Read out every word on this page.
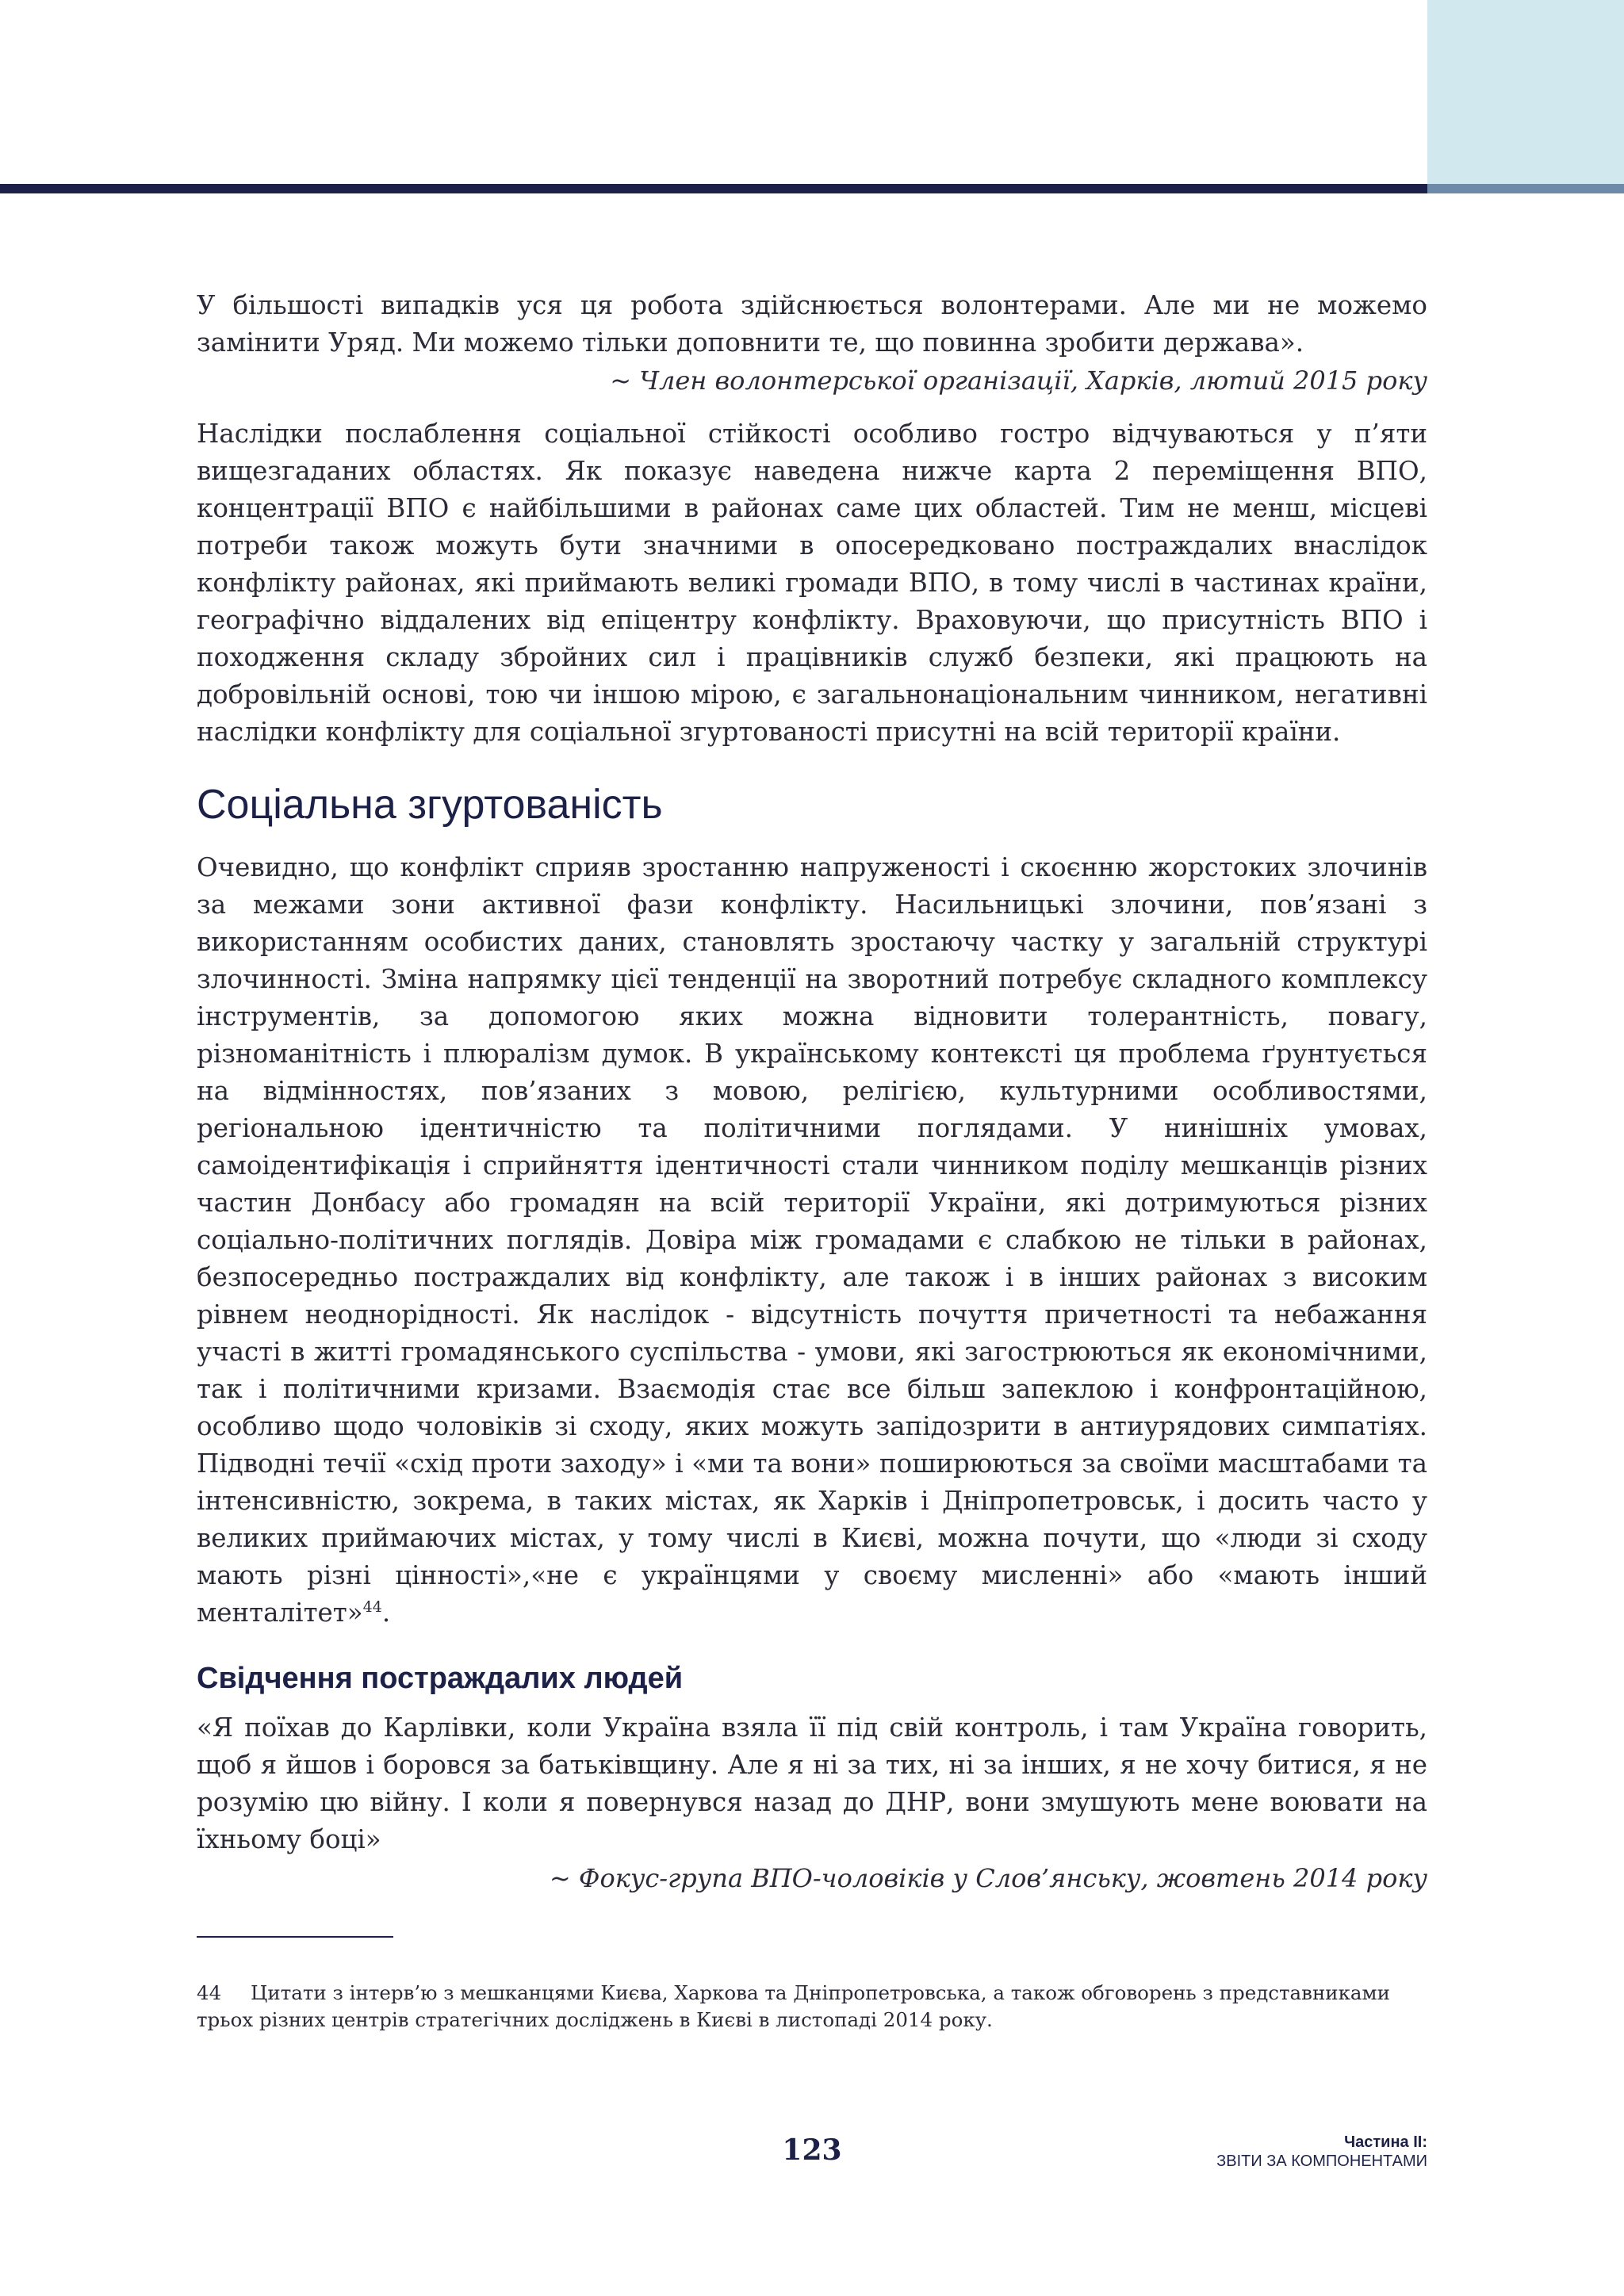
У більшості випадків уся ця робота здійснюється волонтерами. Але ми не можемо замінити Уряд. Ми можемо тільки доповнити те, що повинна зробити держава».

~ Член волонтерської організації, Харків, лютий 2015 року

Наслідки послаблення соціальної стійкості особливо гостро відчуваються у п’яти вищезгаданих областях. Як показує наведена нижче карта 2 переміщення ВПО, концентрації ВПО є найбільшими в районах саме цих областей. Тим не менш, місцеві потреби також можуть бути значними в опосередковано постраждалих внаслідок конфлікту районах, які приймають великі громади ВПО, в тому числі в частинах країни, географічно віддалених від епіцентру конфлікту. Враховуючи, що присутність ВПО і походження складу збройних сил і працівників служб безпеки, які працюють на добровільній основі, тою чи іншою мірою, є загальнонаціональним чинником, негативні наслідки конфлікту для соціальної згуртованості присутні на всій території країни.

Соціальна згуртованість

Очевидно, що конфлікт сприяв зростанню напруженості і скоєнню жорстоких злочинів за межами зони активної фази конфлікту. Насильницькі злочини, пов’язані з використанням особистих даних, становлять зростаючу частку у загальній структурі злочинності. Зміна напрямку цієї тенденції на зворотний потребує складного комплексу інструментів, за допомогою яких можна відновити толерантність, повагу, різноманітність і плюралізм думок. В українському контексті ця проблема ґрунтується на відмінностях, пов’язаних з мовою, релігією, культурними особливостями, регіональною ідентичністю та політичними поглядами. У нинішніх умовах, самоідентифікація і сприйняття ідентичності стали чинником поділу мешканців різних частин Донбасу або громадян на всій території України, які дотримуються різних соціально-політичних поглядів. Довіра між громадами є слабкою не тільки в районах, безпосередньо постраждалих від конфлікту, але також і в інших районах з високим рівнем неоднорідності. Як наслідок - відсутність почуття причетності та небажання участі в житті громадянського суспільства - умови, які загострюються як економічними, так і політичними кризами. Взаємодія стає все більш запеклою і конфронтаційною, особливо щодо чоловіків зі сходу, яких можуть запідозрити в антиурядових симпатіях. Підводні течії «схід проти заходу» і «ми та вони» поширюються за своїми масштабами та інтенсивністю, зокрема, в таких містах, як Харків і Дніпропетровськ, і досить часто у великих приймаючих містах, у тому числі в Києві, можна почути, що «люди зі сходу мають різні цінності»,«не є українцями у своєму мисленні» або «мають інший менталітет»$^{44}$.

Свідчення постраждалих людей

«Я поїхав до Карлівки, коли Україна взяла її під свій контроль, і там Україна говорить, щоб я йшов і боровся за батьківщину. Але я ні за тих, ні за інших, я не хочу битися, я не розумію цю війну. І коли я повернувся назад до ДНР, вони змушують мене воювати на їхньому боці»

~ Фокус-група ВПО-чоловіків у Слов’янську, жовтень 2014 року

44 Цитати з інтерв’ю з мешканцями Києва, Харкова та Дніпропетровська, а також обговорень з представниками трьох різних центрів стратегічних досліджень в Києві в листопаді 2014 року.

123	Частина II:
ЗВІТИ ЗА КОМПОНЕНТАМИ
